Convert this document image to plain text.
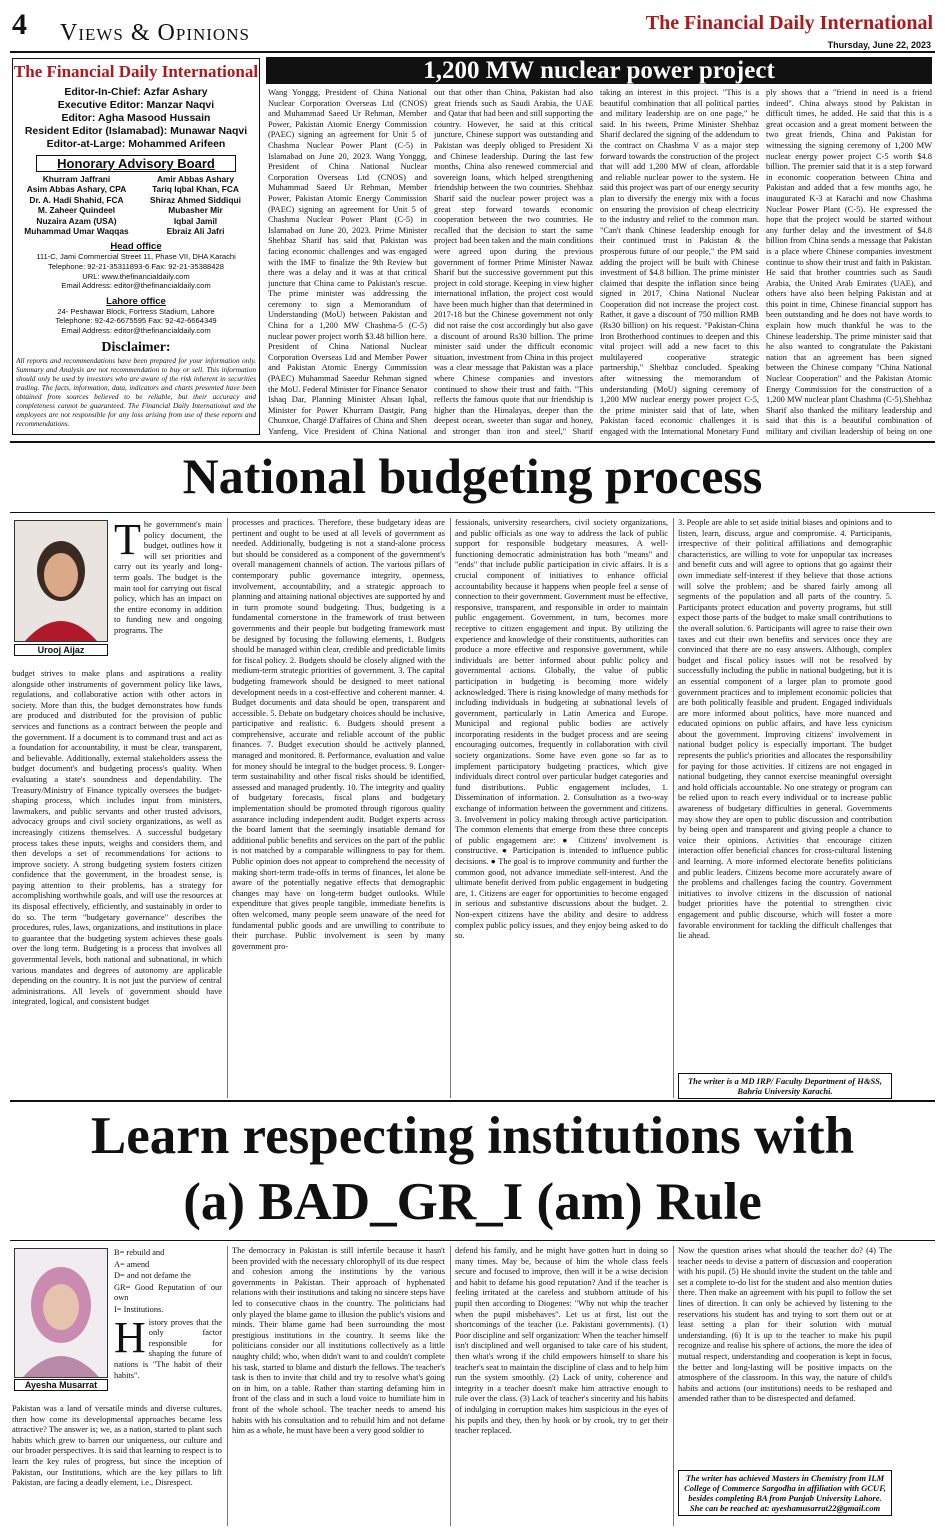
4 Views & Opinions	The Financial Daily International
Thursday, June 22, 2023
The Financial Daily International
Editor-In-Chief: Azfar Ashary
Executive Editor: Manzar Naqvi
Editor: Agha Masood Hussain
Resident Editor (Islamabad): Munawar Naqvi
Editor-at-Large: Mohammed Arifeen
Honorary Advisory Board
Khurram Jaffrani
Asim Abbas Ashary, CPA
Dr. A. Hadi Shahid, FCA
M. Zaheer Quindeel
Nuzaira Azam (USA)
Muhammad Umar Waqqas
Amir Abbas Ashary
Tariq Iqbal Khan, FCA
Shiraz Ahmed Siddiqui
Mubasher Mir
Iqbal Jamil
Ebraiz Ali Jafri
Head office
111-C, Jami Commercial Street 11, Phase VII, DHA Karachi
Telephone: 92-21-35311893-6 Fax: 92-21-35388428
URL: www.thefinancialdaily.com
Email Address: editor@thefinancialdaily.com
Lahore office
24- Peshawar Block, Fortress Stadium, Lahore
Telephone: 92-42-6675595 Fax: 92-42-6664349
Email Address: editor@thefinancialdaily.com
Disclaimer:
All reports and recommendations have been prepared for your information only. Summary and Analysis are not recommendation to buy or sell. This information should only be used by investors who are aware of the risk inherent in securities trading. The facts, information, data, indicators and charts presented have been obtained from sources believed to be reliable, but their accuracy and completeness cannot be guaranteed. The Financial Daily International and the employees are not responsible for any loss arising from use of these reports and recommendations.
1,200 MW nuclear power project
Wang Yonggg, President of China National Nuclear Corporation Overseas Ltd (CNOS) and Muhammad Saeed Ur Rehman, Member Power, Pakistan Atomic Energy Commission (PAEC) signing an agreement for Unit 5 of Chashma Nuclear Power Plant (C-5) in Islamabad on June 20, 2023. Wang Yonggg, President of China National Nuclear Corporation Overseas Ltd (CNOS) and Muhammad Saeed Ur Rehman, Member Power, Pakistan Atomic Energy Commission (PAEC) signing an agreement for Unit 5 of Chashma Nuclear Power Plant (C-5) in Islamabad on June 20, 2023. Prime Minister Shehbaz Sharif has said that Pakistan was facing economic challenges and was engaged with the IMF to finalize the 9th Review but there was a delay and it was at that critical juncture that China came to Pakistan's rescue. The prime minister was addressing the ceremony to sign a Memorandum of Understanding (MoU) between Pakistan and China for a 1,200 MW Chashma-5 (C-5) nuclear power project worth $3.48 billion here. President of China National Nuclear Corporation Overseas Ltd and Member Power and Pakistan Atomic Energy Commission (PAEC) Muhammad Saeedur Rehman signed the MoU. Federal Minister for Finance Senator Ishaq Dar, Planning Minister Ahsan Iqbal, Minister for Power Khurram Dastgir, Pang Chunxue, Chargé D'affaires of China and Shen Yanfeng, Vice President of China National
out that other than China, Pakistan had also great friends such as Saudi Arabia, the UAE and Qatar that had been and still supporting the country. However, he said at this critical juncture, Chinese support was outstanding and Pakistan was deeply obliged to President Xi and Chinese leadership. During the last few months, China also renewed commercial and sovereign loans, which helped strengthening friendship between the two countries. Shehbaz Sharif said the nuclear power project was a great step forward towards economic cooperation between the two countries. He recalled that the decision to start the same project had been taken and the main conditions were agreed upon during the previous government of former Prime Minister Nawaz Sharif but the successive government put this project in cold storage. Keeping in view higher international inflation, the project cost would have been much higher than that determined in 2017-18 but the Chinese government not only did not raise the cost accordingly but also gave a discount of around Rs30 billion. The prime minister said under the difficult economic situation, investment from China in this project was a clear message that Pakistan was a place where Chinese companies and investors continued to show their trust and faith. "This reflects the famous quote that our friendship is higher than the Himalayas, deeper than the deepest ocean, sweeter than sugar and honey, and stronger than iron and steel," Sharif
taking an interest in this project. "This is a beautiful combination that all political parties and military leadership are on one page," he said. In his tweets, Prime Minister Shehbaz Sharif declared the signing of the addendum to the contract on Chashma V as a major step forward towards the construction of the project that will add 1,200 MW of clean, affordable and reliable nuclear power to the system. He said this project was part of our energy security plan to diversify the energy mix with a focus on ensuring the provision of cheap electricity to the industry and relief to the common man. "Can't thank Chinese leadership enough for their continued trust in Pakistan & the prosperous future of our people," the PM said adding the project will be built with Chinese investment of $4.8 billion. The prime minister claimed that despite the inflation since being signed in 2017, China National Nuclear Cooperation did not increase the project cost. Rather, it gave a discount of 750 million RMB (Rs30 billion) on his request. "Pakistan-China Iron Brotherhood continues to deepen and this vital project will add a new facet to this multilayered cooperative strategic partnership," Shehbaz concluded. Speaking after witnessing the memorandum of understanding (MoU) signing ceremony of 1,200 MW nuclear energy power project C-5, the prime minister said that of late, when Pakistan faced economic challenges it is engaged with the International Monetary Fund
ply shows that a "friend in need is a friend indeed". China always stood by Pakistan in difficult times, he added. He said that this is a great occasion and a great moment between the two great friends, China and Pakistan for witnessing the signing ceremony of 1,200 MW nuclear energy power project C-5 worth $4.8 billion. The premier said that it is a step forward in economic cooperation between China and Pakistan and added that a few months ago, he inaugurated K-3 at Karachi and now Chashma Nuclear Power Plant (C-5). He expressed the hope that the project would be started without any further delay and the investment of $4.8 billion from China sends a message that Pakistan is a place where Chinese companies investment continue to show their trust and faith in Pakistan. He said that brother countries such as Saudi Arabia, the United Arab Emirates (UAE), and others have also been helping Pakistan and at this point in time, Chinese financial support has been outstanding and he does not have words to explain how much thankful he was to the Chinese leadership. The prime minister said that he also wanted to congratulate the Pakistani nation that an agreement has been signed between the Chinese company "China National Nuclear Cooperation" and the Pakistan Atomic Energy Commission for the construction of a 1,200 MW nuclear plant Chashma (C-5).Shehbaz Sharif also thanked the military leadership and said that this is a beautiful combination of military and civilian leadership of being on one
National budgeting process
Urooj Aijaz
The government's main policy document, the budget, outlines how it will set priorities and carry out its yearly and long-term goals. The budget is the main tool for carrying out fiscal policy, which has an impact on the entire economy in addition to funding new and ongoing programs. The
budget strives to make plans and aspirations a reality alongside other instruments of government policy like laws, regulations, and collaborative action with other actors in society. More than this, the budget demonstrates how funds are produced and distributed for the provision of public services and functions as a contract between the people and the government. If a document is to command trust and act as a foundation for accountability, it must be clear, transparent, and believable. Additionally, external stakeholders assess the budget document's and budgeting process's quality. When evaluating a state's soundness and dependability. The Treasury/Ministry of Finance typically oversees the budget-shaping process, which includes input from ministers, lawmakers, and public servants and other trusted advisors, advocacy groups and civil society organizations, as well as increasingly citizens themselves. A successful budgetary process takes these inputs, weighs and considers them, and then develops a set of recommendations for actions to improve society. A strong budgeting system fosters citizen confidence that the government, in the broadest sense, is paying attention to their problems, has a strategy for accomplishing worthwhile goals, and will use the resources at its disposal effectively, efficiently, and sustainably in order to do so. The term "budgetary governance" describes the procedures, rules, laws, organizations, and institutions in place to guarantee that the budgeting system achieves these goals over the long term. Budgeting is a process that involves all governmental levels, both national and subnational, in which various mandates and degrees of autonomy are applicable depending on the country. It is not just the purview of central administrations. All levels of government should have integrated, logical, and consistent budget
processes and practices. Therefore, these budgetary ideas are pertinent and ought to be used at all levels of government as needed. Additionally, budgeting is not a stand-alone process but should be considered as a component of the government's overall management channels of action. The various pillars of contemporary public governance integrity, openness, involvement, accountability, and a strategic approach to planning and attaining national objectives are supported by and in turn promote sound budgeting. Thus, budgeting is a fundamental cornerstone in the framework of trust between governments and their people but budgeting framework must be designed by focusing the following elements, 1. Budgets should be managed within clear, credible and predictable limits for fiscal policy. 2. Budgets should be closely aligned with the medium-term strategic priorities of government. 3. The capital budgeting framework should be designed to meet national development needs in a cost-effective and coherent manner. 4. Budget documents and data should be open, transparent and accessible. 5. Debate on budgetary choices should be inclusive, participative and realistic. 6. Budgets should present a comprehensive, accurate and reliable account of the public finances. 7. Budget execution should be actively planned, managed and monitored. 8. Performance, evaluation and value for money should be integral to the budget process. 9. Longer-term sustainability and other fiscal risks should be identified, assessed and managed prudently. 10. The integrity and quality of budgetary forecasts, fiscal plans and budgetary implementation should be promoted through rigorous quality assurance including independent audit. Budget experts across the board lament that the seemingly insatiable demand for additional public benefits and services on the part of the public is not matched by a comparable willingness to pay for them. Public opinion does not appear to comprehend the necessity of making short-term trade-offs in terms of finances, let alone be aware of the potentially negative effects that demographic changes may have on long-term budget outlooks. While expenditure that gives people tangible, immediate benefits is often welcomed, many people seem unaware of the need for fundamental public goods and are unwilling to contribute to their purchase. Public involvement is seen by many government pro-
fessionals, university researchers, civil society organizations, and public officials as one way to address the lack of public support for responsible budgetary measures. A well-functioning democratic administration has both "means" and "ends" that include public participation in civic affairs. It is a crucial component of initiatives to enhance official accountability because it happens when people feel a sense of connection to their government. Government must be effective, responsive, transparent, and responsible in order to maintain public engagement. Government, in turn, becomes more receptive to citizen engagement and input. By utilizing the experience and knowledge of their constituents, authorities can produce a more effective and responsive government, while individuals are better informed about public policy and governmental actions. Globally, the value of public participation in budgeting is becoming more widely acknowledged. There is rising knowledge of many methods for including individuals in budgeting at subnational levels of government, particularly in Latin America and Europe. Municipal and regional public bodies are actively incorporating residents in the budget process and are seeing encouraging outcomes, frequently in collaboration with civil society organizations. Some have even gone so far as to implement participatory budgeting practices, which give individuals direct control over particular budget categories and fund distributions. Public engagement includes, 1. Dissemination of information. 2. Consultation as a two-way exchange of information between the government and citizens. 3. Involvement in policy making through active participation. The common elements that emerge from these three concepts of public engagement are: ● Citizens' involvement is constructive. ● Participation is intended to influence public decisions. ● The goal is to improve community and further the common good, not advance immediate self-interest. And the ultimate benefit derived from public engagement in budgeting are, 1. Citizens are eager for opportunities to become engaged in serious and substantive discussions about the budget. 2. Non-expert citizens have the ability and desire to address complex public policy issues, and they enjoy being asked to do so.
3. People are able to set aside initial biases and opinions and to listen, learn, discuss, argue and compromise. 4. Participants, irrespective of their political affiliations and demographic characteristics, are willing to vote for unpopular tax increases and benefit cuts and will agree to options that go against their own immediate self-interest if they believe that those actions will solve the problem; and be shared fairly among all segments of the population and all parts of the country. 5. Participants protect education and poverty programs, but still expect those parts of the budget to make small contributions to the overall solution. 6. Participants will agree to raise their own taxes and cut their own benefits and services once they are convinced that there are no easy answers. Although, complex budget and fiscal policy issues will not be resolved by successfully including the public in national budgeting, but it is an essential component of a larger plan to promote good government practices and to implement economic policies that are both politically feasible and prudent. Engaged individuals are more informed about politics, have more nuanced and educated opinions on public affairs, and have less cynicism about the government. Improving citizens' involvement in national budget policy is especially important. The budget represents the public's priorities and allocates the responsibility for paying for those activities. If citizens are not engaged in national budgeting, they cannot exercise meaningful oversight and hold officials accountable. No one strategy or program can be relied upon to reach every individual or to increase public awareness of budgetary difficulties in general. Governments may show they are open to public discussion and contribution by being open and transparent and giving people a chance to voice their opinions. Activities that encourage citizen interaction offer beneficial chances for cross-cultural listening and learning. A more informed electorate benefits politicians and public leaders. Citizens become more accurately aware of the problems and challenges facing the country. Government initiatives to involve citizens in the discussion of national budget priorities have the potential to strengthen civic engagement and public discourse, which will foster a more favorable environment for tackling the difficult challenges that lie ahead.
The writer is a MD IRP/ Faculty Department of H&SS, Bahria University Karachi.
Learn respecting institutions with
(a) BAD_GR_I (am) Rule
Ayesha Musarrat

B= rebuild and

A= amend

D= and not defame the

GR= Good Reputation of our own

I= Institutions.

History proves that the only factor responsible for shaping the future of nations is "The habit of their habits".

Pakistan was a land of versatile minds and diverse cultures, then how come its developmental approaches became less attractive? The answer is; we, as a nation, started to plant such habits which grew to barren our uniqueness, our culture and our broader perspectives. It is said that learning to respect is to learn the key rules of progress, but since the inception of Pakistan, our Institutions, which are the key pillars to lift Pakistan, are facing a deadly element, i.e., Disrespect.
The democracy in Pakistan is still infertile because it hasn't been provided with the necessary chlorophyll of its due respect and cohesion among the institutions by the various governments in Pakistan. Their approach of hyphenated relations with their institutions and taking no sincere steps have led to consecutive chaos in the country. The politicians had only played the blame game to illusion the public's visions and minds. Their blame game had been surrounding the most prestigious institutions in the country. It seems like the politicians consider our all institutions collectively as a little naughty child; who, when didn't want to and couldn't complete his task, started to blame and disturb the fellows. The teacher's task is then to invite that child and try to resolve what's going on in him, on a table. Rather than starting defaming him in front of the class and in such a loud voice to humiliate him in front of the whole school. The teacher needs to amend his habits with his consultation and to rebuild him and not defame him as a whole, he must have been a very good soldier to
defend his family, and he might have gotten hurt in doing so many times. May be, because of him the whole class feels secure and focused to improve, then will it be a wise decision and habit to defame his good reputation? And if the teacher is feeling irritated at the careless and stubborn attitude of his pupil then according to Diogenes: "Why not whip the teacher when the pupil misbehaves". Let us at first, list out the shortcomings of the teacher (i.e. Pakistani governments). (1) Poor discipline and self organization: When the teacher himself isn't disciplined and well organised to take care of his student, then what's wrong if the child empowers himself to share his teacher's seat to maintain the discipline of class and to help him run the system smoothly. (2) Lack of unity, coherence and integrity in a teacher doesn't make him attractive enough to rule over the class. (3) Lack of teacher's sincerity and his habits of indulging in corruption makes him suspicious in the eyes of his pupils and they, then by hook or by crook, try to get their teacher replaced.
Now the question arises what should the teacher do? (4) The teacher needs to devise a pattern of discussion and cooperation with his pupil. (5) He should invite the student on the table and set a complete to-do list for the student and also mention duties there. Then make an agreement with his pupil to follow the set lines of direction. It can only be achieved by listening to the reservations his student has and trying to sort them out or at least setting a plan for their solution with mutual understanding. (6) It is up to the teacher to make his pupil recognize and realise his sphere of actions, the more the idea of mutual respect, understanding and cooperation is kept in focus, the better and long-lasting will be positive impacts on the atmosphere of the classroom. In this way, the nature of child's habits and actions (our institutions) needs to be reshaped and amended rather than to be disrespected and defamed.
The writer has achieved Masters in Chemistry from ILM College of Commerce Sargodha in affiliation with GCUF, besides completing BA from Punjab University Lahore. She can be reached at: ayeshamusarrat22@gmail.com
